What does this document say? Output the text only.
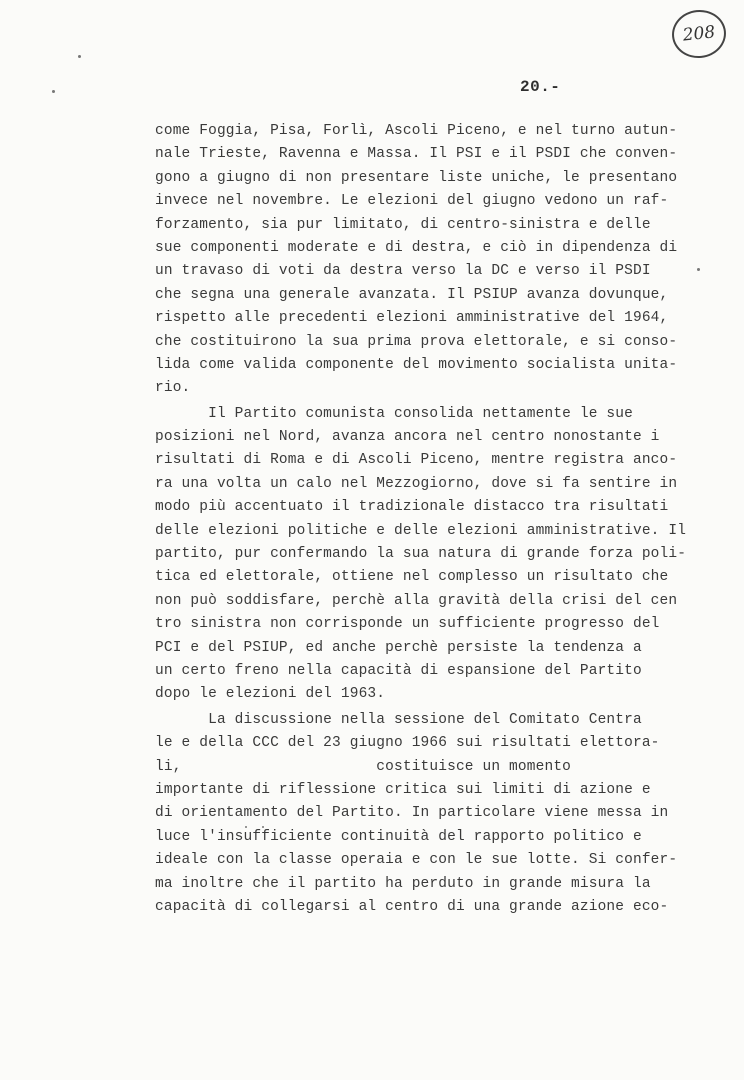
208
20.-
come Foggia, Pisa, Forlì, Ascoli Piceno, e nel turno autun-
nale Trieste, Ravenna e Massa. Il PSI e il PSDI che conven-
gono a giugno di non presentare liste uniche, le presentano
invece nel novembre. Le elezioni del giugno vedono un raf-
forzamento, sia pur limitato, di centro-sinistra e delle
sue componenti moderate e di destra, e ciò in dipendenza di
un travaso di voti da destra verso la DC e verso il PSDI
che segna una generale avanzata. Il PSIUP avanza dovunque,
rispetto alle precedenti elezioni amministrative del 1964,
che costituirono la sua prima prova elettorale, e si conso-
lida come valida componente del movimento socialista unita-
rio.
Il Partito comunista consolida nettamente le sue
posizioni nel Nord, avanza ancora nel centro nonostante i
risultati di Roma e di Ascoli Piceno, mentre registra anco-
ra una volta un calo nel Mezzogiorno, dove si fa sentire in
modo più accentuato il tradizionale distacco tra risultati
delle elezioni politiche e delle elezioni amministrative. Il
partito, pur confermando la sua natura di grande forza poli-
tica ed elettorale, ottiene nel complesso un risultato che
non può soddisfare, perchè alla gravità della crisi del cen
tro sinistra non corrisponde un sufficiente progresso del
PCI e del PSIUP, ed anche perchè persiste la tendenza a
un certo freno nella capacità di espansione del Partito
dopo le elezioni del 1963.
La discussione nella sessione del Comitato Centra
le e della CCC del 23 giugno 1966 sui risultati elettora-
li,                      costituisce un momento
importante di riflessione critica sui limiti di azione e
di orientamento del Partito. In particolare viene messa in
luce l'insufficiente continuità del rapporto politico e
ideale con la classe operaia e con le sue lotte. Si confer-
ma inoltre che il partito ha perduto in grande misura la
capacità di collegarsi al centro di una grande azione eco-
